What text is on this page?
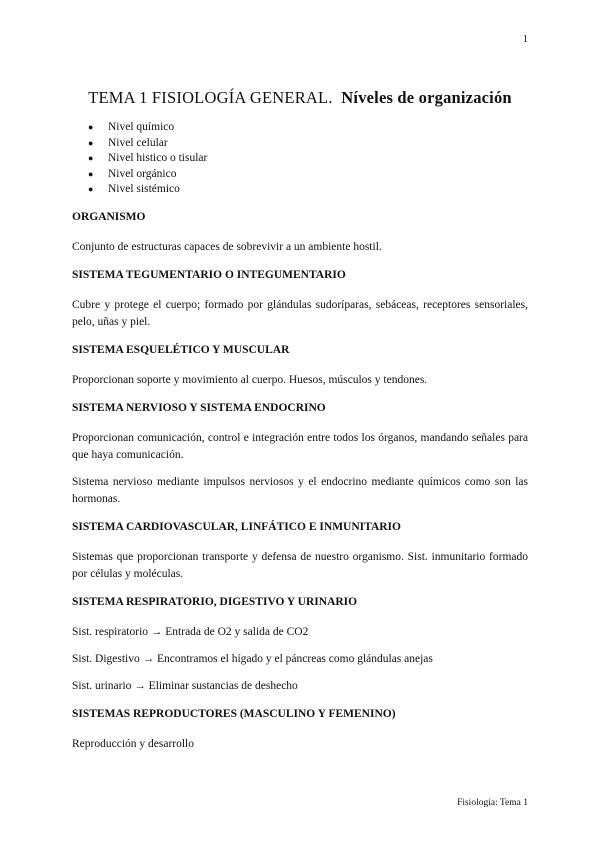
1
TEMA 1 FISIOLOGÍA GENERAL. Níveles de organización
●	Nivel químico
●	Nivel celular
●	Nivel histico o tisular
●	Nivel orgánico
●	Nivel sistémico
ORGANISMO

Conjunto de estructuras capaces de sobrevivir a un ambiente hostil.

SISTEMA TEGUMENTARIO O INTEGUMENTARIO

Cubre y protege el cuerpo; formado por glándulas sudoríparas, sebáceas, receptores sensoriales, pelo, uñas y piel.

SISTEMA ESQUELÉTICO Y MUSCULAR

Proporcionan soporte y movimiento al cuerpo. Huesos, músculos y tendones.

SISTEMA NERVIOSO Y SISTEMA ENDOCRINO

Proporcionan comunicación, control e integración entre todos los órganos, mandando señales para que haya comunicación.

Sistema nervioso mediante impulsos nerviosos y el endocrino mediante químicos como son las hormonas.

SISTEMA CARDIOVASCULAR, LINFÁTICO E INMUNITARIO

Sistemas que proporcionan transporte y defensa de nuestro organismo. Sist. inmunitario formado por células y moléculas.

SISTEMA RESPIRATORIO, DIGESTIVO Y URINARIO

Sist. respiratorio → Entrada de O2 y salida de CO2

Sist. Digestivo → Encontramos el hígado y el páncreas como glándulas anejas

Sist. urinario → Eliminar sustancias de deshecho

SISTEMAS REPRODUCTORES (MASCULINO Y FEMENINO)

Reproducción y desarrollo

Fisiología: Tema 1
